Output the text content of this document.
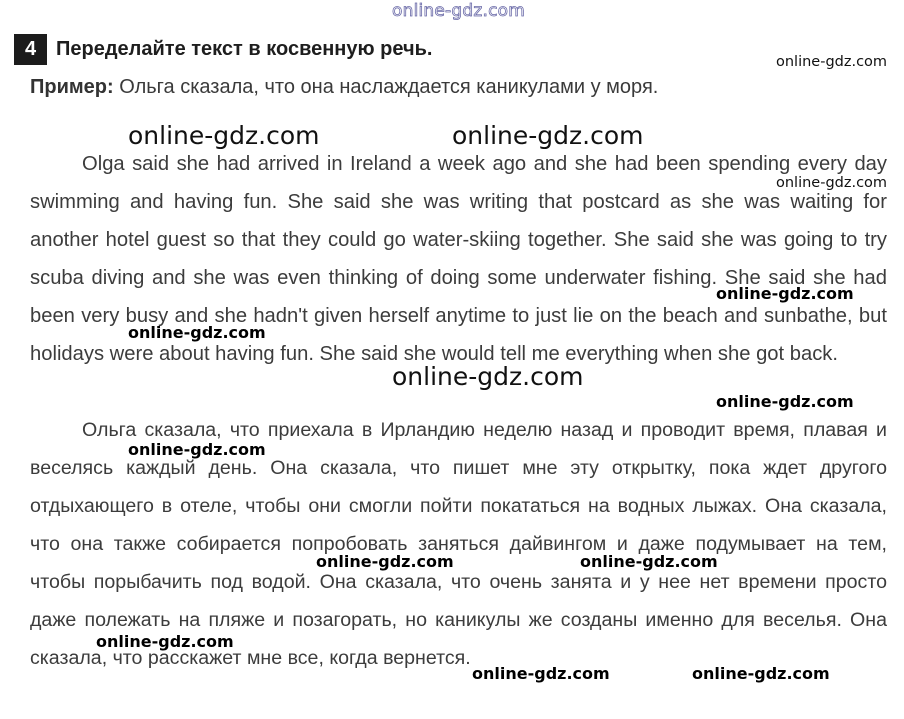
online-gdz.com
4 Переделайте текст в косвенную речь.
Пример: Ольга сказала, что она наслаждается каникулами у моря.

Olga said she had arrived in Ireland a week ago and she had been spending every day swimming and having fun. She said she was writing that postcard as she was waiting for another hotel guest so that they could go water-skiing together. She said she was going to try scuba diving and she was even thinking of doing some underwater fishing. She said she had been very busy and she hadn't given herself anytime to just lie on the beach and sunbathe, but holidays were about having fun. She said she would tell me everything when she got back.

Ольга сказала, что приехала в Ирландию неделю назад и проводит время, плавая и веселясь каждый день. Она сказала, что пишет мне эту открытку, пока ждет другого отдыхающего в отеле, чтобы они смогли пойти покататься на водных лыжах. Она сказала, что она также собирается попробовать заняться дайвингом и даже подумывает на тем, чтобы порыбачить под водой. Она сказала, что очень занята и у нее нет времени просто даже полежать на пляже и позагорать, но каникулы же созданы именно для веселья. Она сказала, что расскажет мне все, когда вернется.

online-gdz.com
online-gdz.com	online-gdz.com
online-gdz.com
online-gdz.com
online-gdz.com
online-gdz.com
online-gdz.com
online-gdz.com
online-gdz.com	online-gdz.com
online-gdz.com
online-gdz.com	online-gdz.com
